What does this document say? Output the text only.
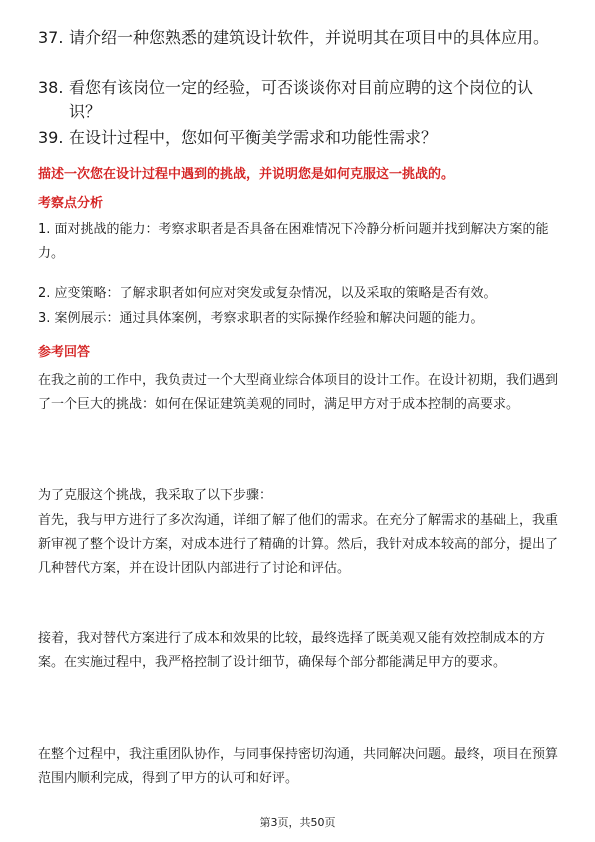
37. 请介绍一种您熟悉的建筑设计软件，并说明其在项目中的具体应用。
38. 看您有该岗位一定的经验，可否谈谈你对目前应聘的这个岗位的认识？
39. 在设计过程中，您如何平衡美学需求和功能性需求？
描述一次您在设计过程中遇到的挑战，并说明您是如何克服这一挑战的。
考察点分析
1. 面对挑战的能力：考察求职者是否具备在困难情况下冷静分析问题并找到解决方案的能力。
2. 应变策略：了解求职者如何应对突发或复杂情况，以及采取的策略是否有效。
3. 案例展示：通过具体案例，考察求职者的实际操作经验和解决问题的能力。
参考回答
在我之前的工作中，我负责过一个大型商业综合体项目的设计工作。在设计初期，我们遇到了一个巨大的挑战：如何在保证建筑美观的同时，满足甲方对于成本控制的高要求。
为了克服这个挑战，我采取了以下步骤：
首先，我与甲方进行了多次沟通，详细了解了他们的需求。在充分了解需求的基础上，我重新审视了整个设计方案，对成本进行了精确的计算。然后，我针对成本较高的部分，提出了几种替代方案，并在设计团队内部进行了讨论和评估。
接着，我对替代方案进行了成本和效果的比较，最终选择了既美观又能有效控制成本的方案。在实施过程中，我严格控制了设计细节，确保每个部分都能满足甲方的要求。
在整个过程中，我注重团队协作，与同事保持密切沟通，共同解决问题。最终，项目在预算范围内顺利完成，得到了甲方的认可和好评。
第3页，共50页
